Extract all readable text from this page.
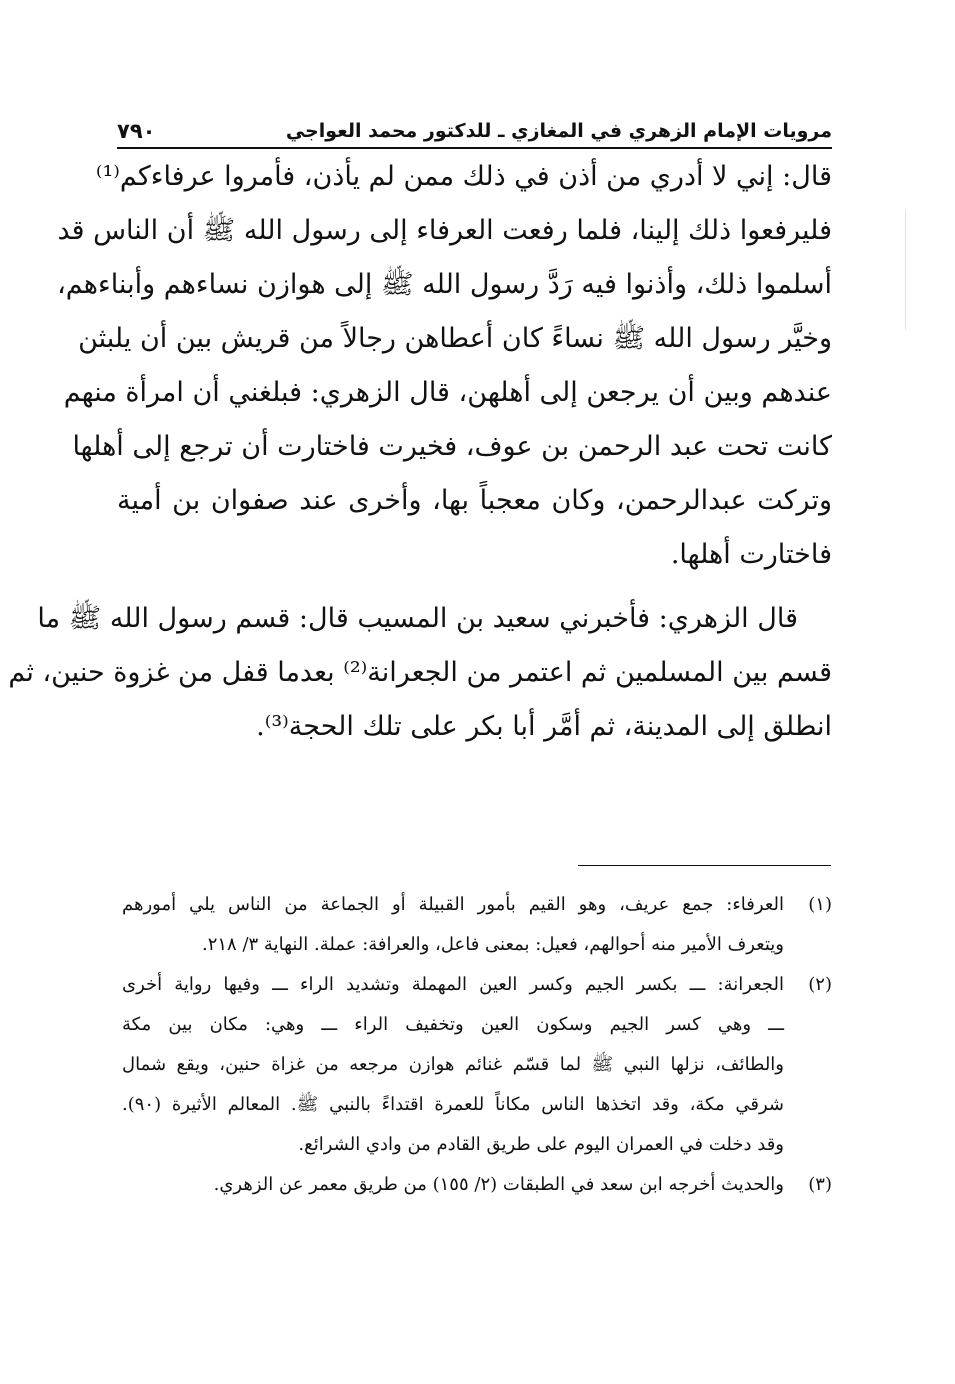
مرويات الإمام الزهري في المغازي ـ للدكتور محمد العواجي
٧٩٠
قال: إني لا أدري من أذن في ذلك ممن لم يأذن، فأمروا عرفاءكم⁽¹⁾
فليرفعوا ذلك إلينا، فلما رفعت العرفاء إلى رسول الله ﷺ أن الناس قد
أسلموا ذلك، وأذنوا فيه رَدَّ رسول الله ﷺ إلى هوازن نساءهم وأبناءهم،
وخيَّر رسول الله ﷺ نساءً كان أعطاهن رجالاً من قريش بين أن يلبثن
عندهم وبين أن يرجعن إلى أهلهن، قال الزهري: فبلغني أن امرأة منهم
كانت تحت عبد الرحمن بن عوف، فخيرت فاختارت أن ترجع إلى أهلها
وتركت عبدالرحمن، وكان معجباً بها، وأخرى عند صفوان بن أمية
فاختارت أهلها.
قال الزهري: فأخبرني سعيد بن المسيب قال: قسم رسول الله ﷺ ما
قسم بين المسلمين ثم اعتمر من الجعرانة⁽²⁾ بعدما قفل من غزوة حنين، ثم
انطلق إلى المدينة، ثم أمَّر أبا بكر على تلك الحجة⁽³⁾.
(١)
العرفاء: جمع عريف، وهو القيم بأمور القبيلة أو الجماعة من الناس يلي أمورهم
ويتعرف الأمير منه أحوالهم، فعيل: بمعنى فاعل، والعرافة: عملة. النهاية ٣/ ٢١٨.
(٢)
الجعرانة: ـــ بكسر الجيم وكسر العين المهملة وتشديد الراء ـــ وفيها رواية أخرى
ـــ وهي كسر الجيم وسكون العين وتخفيف الراء ـــ وهي: مكان بين مكة
والطائف، نزلها النبي ﷺ لما قسّم غنائم هوازن مرجعه من غزاة حنين، ويقع شمال
شرقي مكة، وقد اتخذها الناس مكاناً للعمرة اقتداءً بالنبي ﷺ. المعالم الأثيرة (٩٠).
وقد دخلت في العمران اليوم على طريق القادم من وادي الشرائع.
(٣)
والحديث أخرجه ابن سعد في الطبقات (٢/ ١٥٥) من طريق معمر عن الزهري.
